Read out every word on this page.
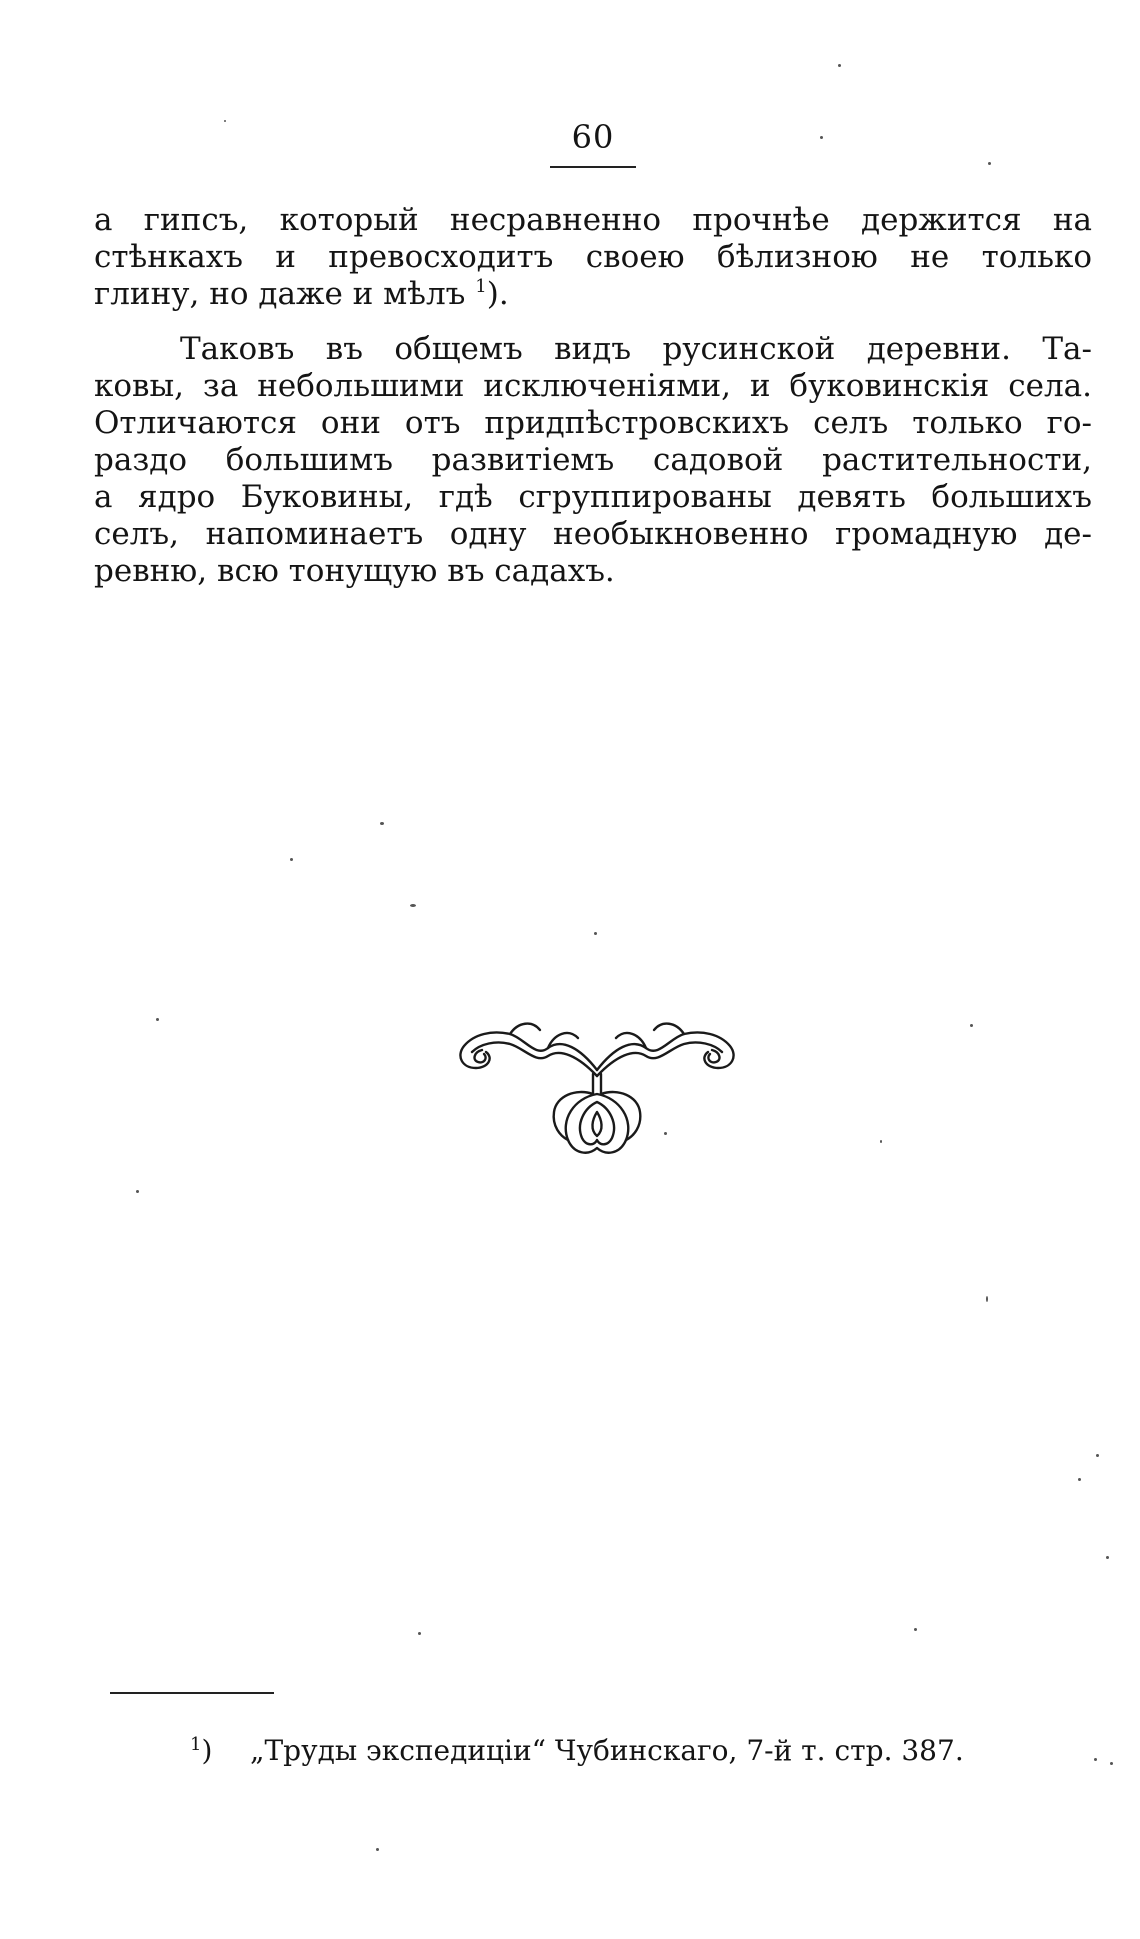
60

а гипсъ, который несравненно прочнѣе держится на
стѣнкахъ и превосходитъ своею бѣлизною не только
глину, но даже и мѣлъ $^1$).

Таковъ въ общемъ видъ русинской деревни. Та-
ковы, за небольшими исключеніями, и буковинскія села.
Отличаются они отъ придпѣстровскихъ селъ только го-
раздо большимъ развитіемъ садовой растительности,
а ядро Буковины, гдѣ сгруппированы девять большихъ
селъ, напоминаетъ одну необыкновенно громадную де-
ревню, всю тонущую въ садахъ.

$^1$) „Труды экспедиціи“ Чубинскаго, 7-й т. стр. 387.
